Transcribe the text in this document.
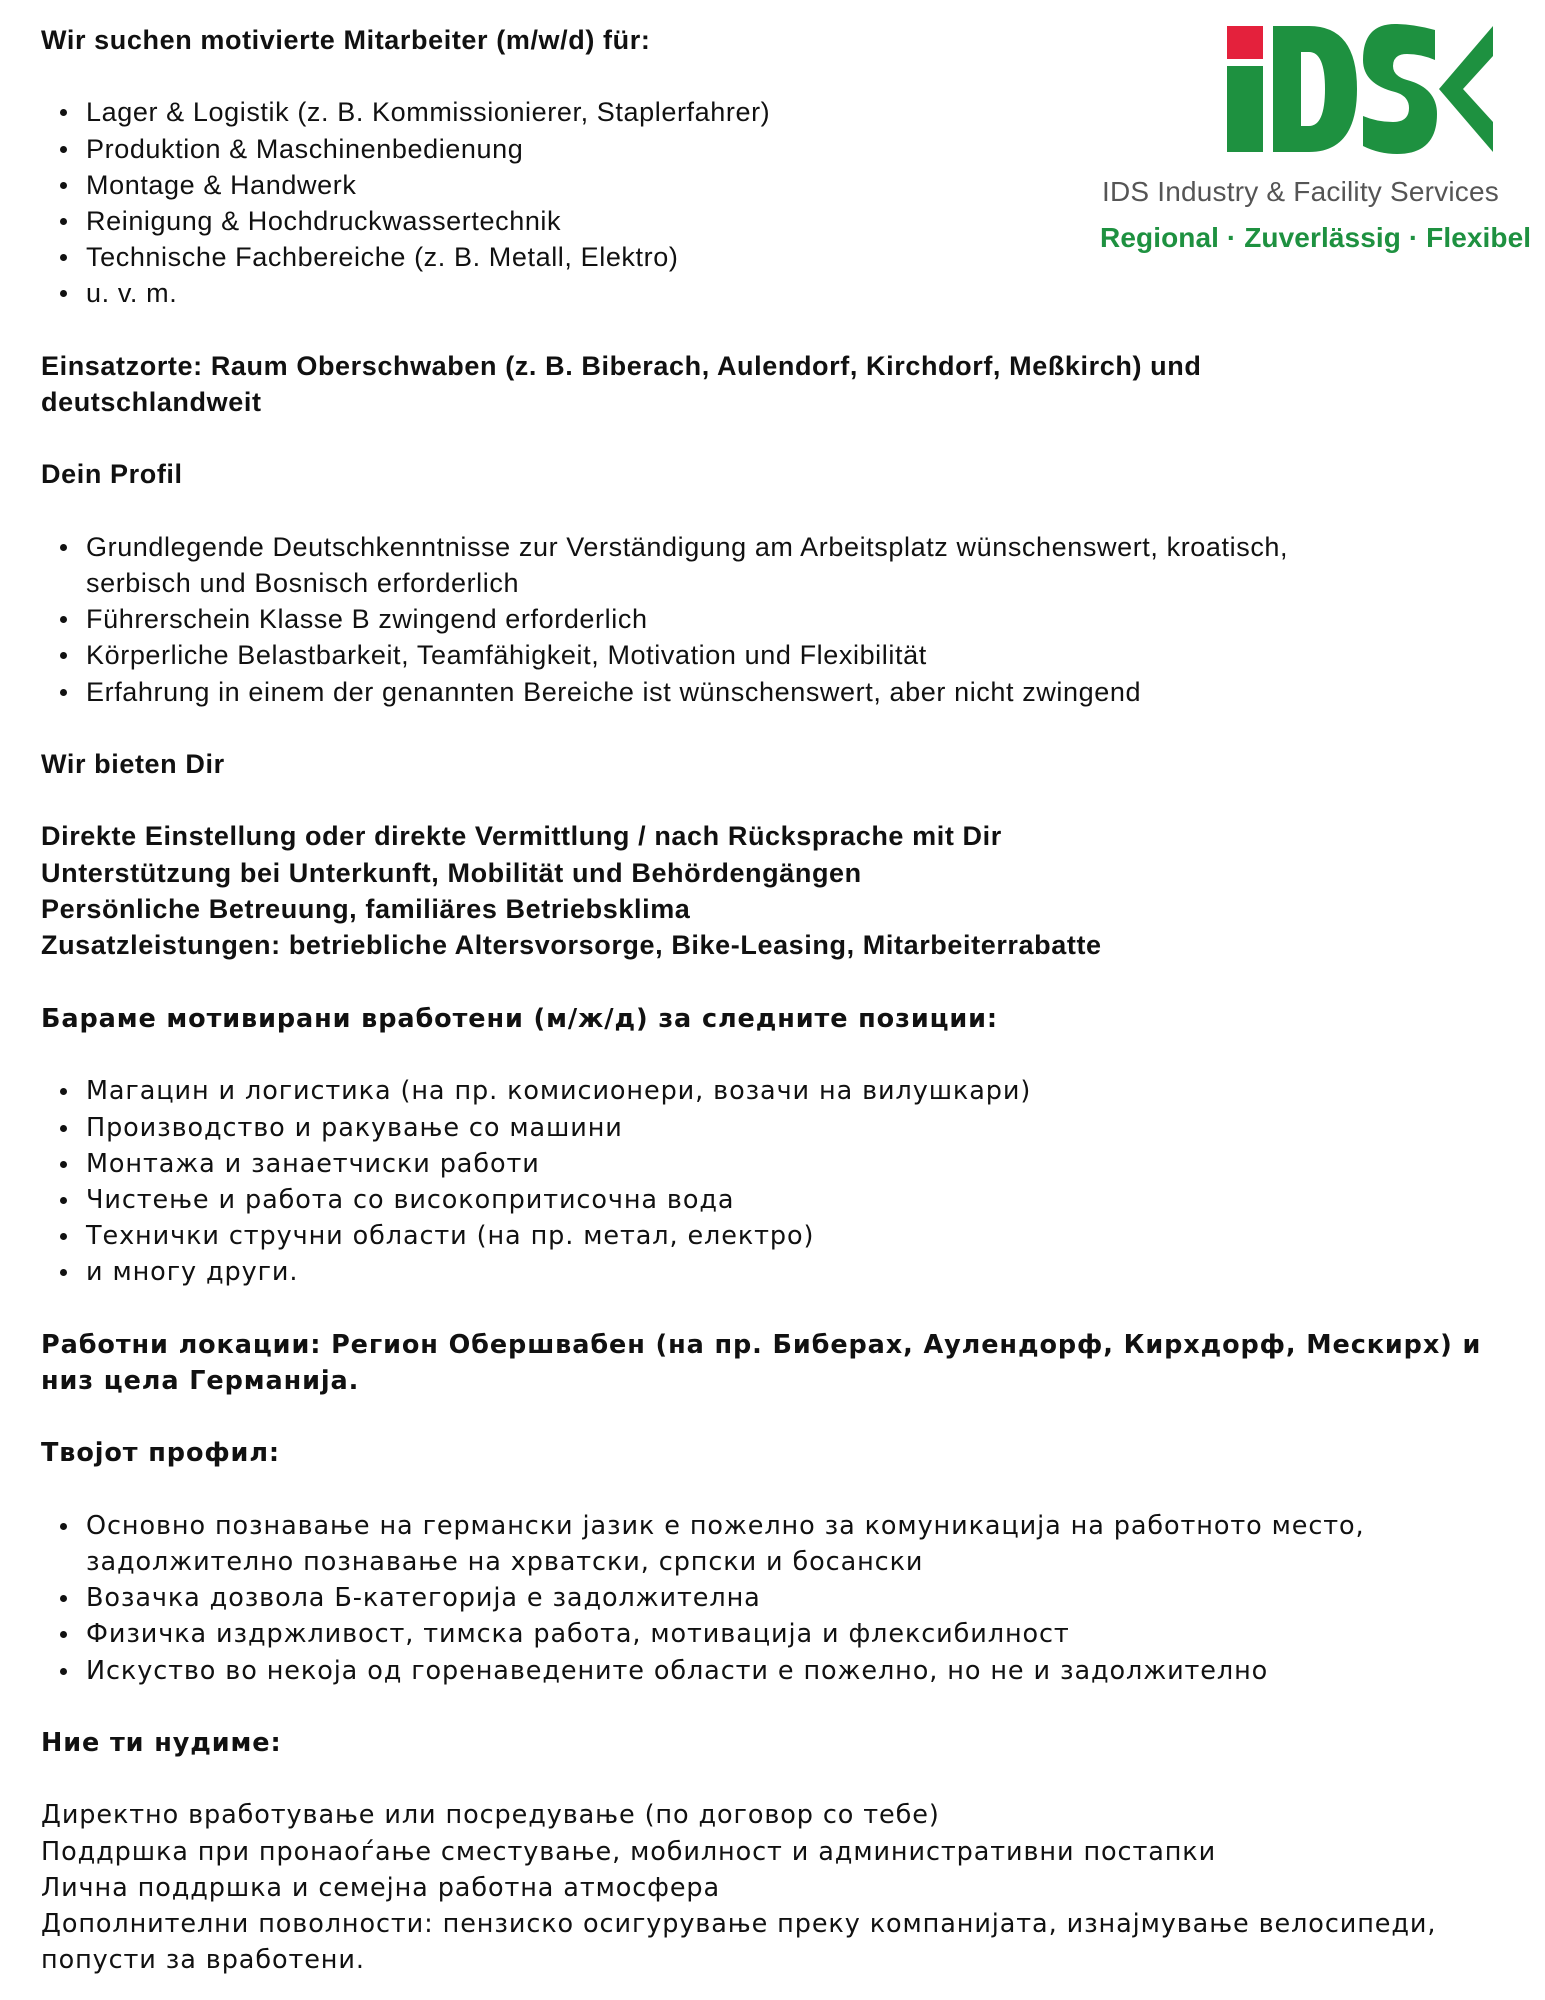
IDS Industry & Facility Services
Regional · Zuverlässig · Flexibel

Wir suchen motivierte Mitarbeiter (m/w/d) für:

Lager & Logistik (z. B. Kommissionierer, Staplerfahrer)
Produktion & Maschinenbedienung
Montage & Handwerk
Reinigung & Hochdruckwassertechnik
Technische Fachbereiche (z. B. Metall, Elektro)
u. v. m.

Einsatzorte: Raum Oberschwaben (z. B. Biberach, Aulendorf, Kirchdorf, Meßkirch) und
deutschlandweit

Dein Profil

Grundlegende Deutschkenntnisse zur Verständigung am Arbeitsplatz wünschenswert, kroatisch,
serbisch und Bosnisch erforderlich
Führerschein Klasse B zwingend erforderlich
Körperliche Belastbarkeit, Teamfähigkeit, Motivation und Flexibilität
Erfahrung in einem der genannten Bereiche ist wünschenswert, aber nicht zwingend

Wir bieten Dir

Direkte Einstellung oder direkte Vermittlung / nach Rücksprache mit Dir

Unterstützung bei Unterkunft, Mobilität und Behördengängen

Persönliche Betreuung, familiäres Betriebsklima

Zusatzleistungen: betriebliche Altersvorsorge, Bike-Leasing, Mitarbeiterrabatte

Бараме мотивирани вработени (м/ж/д) за следните позиции:

Магацин и логистика (на пр. комисионери, возачи на вилушкари)
Производство и ракување со машини
Монтажа и занаетчиски работи
Чистење и работа со високопритисочна вода
Технички стручни области (на пр. метал, електро)
и многу други.

Работни локации: Регион Обершвабен (на пр. Биберах, Аулендорф, Кирхдорф, Мескирх) и
низ цела Германија.

Твојот профил:

Основно познавање на германски јазик е пожелно за комуникација на работното место,
задолжително познавање на хрватски, српски и босански
Возачка дозвола Б-категорија е задолжителна
Физичка издржливост, тимска работа, мотивација и флексибилност
Искуство во некоја од горенаведените области е пожелно, но не и задолжително

Ние ти нудиме:

Директно вработување или посредување (по договор со тебе)

Поддршка при пронаоѓање сместување, мобилност и административни постапки

Лична поддршка и семејна работна атмосфера

Дополнителни поволности: пензиско осигурување преку компанијата, изнајмување велосипеди,
попусти за вработени.
